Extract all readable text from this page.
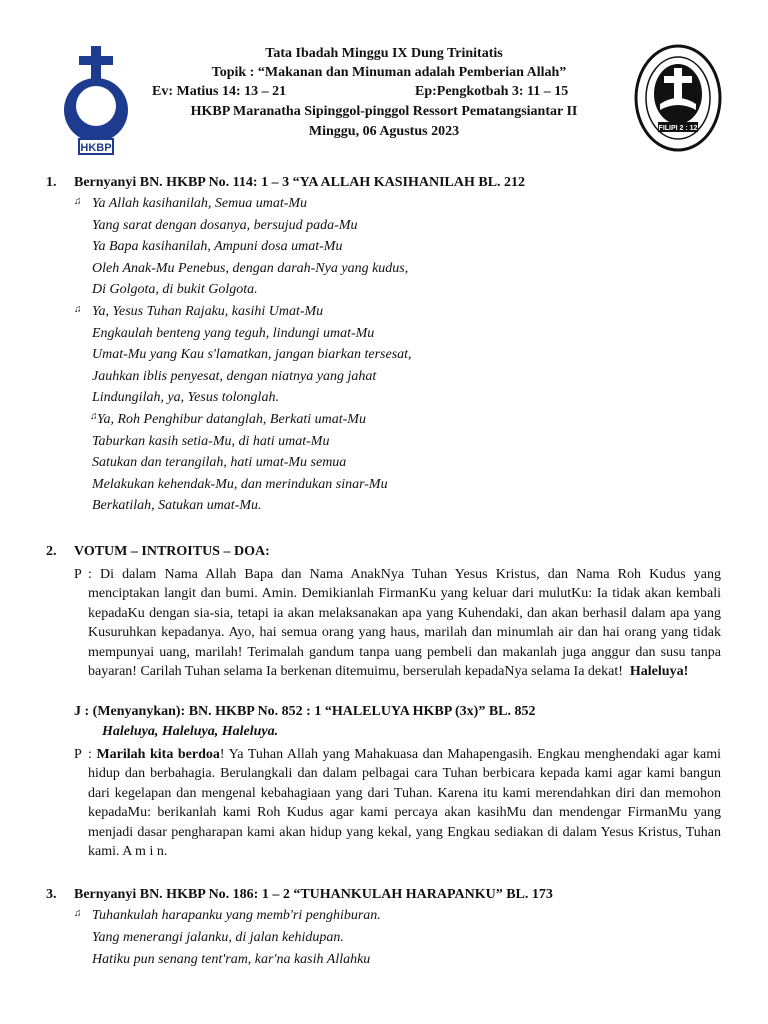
Tata Ibadah Minggu IX Dung Trinitatis
Topik : “Makanan dan Minuman adalah Pemberian Allah”
Ev: Matius 14: 13 – 21	Ep:Pengkotbah 3: 11 – 15
HKBP Maranatha Sipinggol-pinggol Ressort Pematangsiantar II
Minggu, 06 Agustus 2023
HKBP
FILIPI 2 : 12
1. Bernyanyi BN. HKBP No. 114: 1 – 3 “YA ALLAH KASIHANILAH BL. 212
♫ Ya Allah kasihanilah, Semua umat-Mu
Yang sarat dengan dosanya, bersujud pada-Mu
Ya Bapa kasihanilah, Ampuni dosa umat-Mu
Oleh Anak-Mu Penebus, dengan darah-Nya yang kudus,
Di Golgota, di bukit Golgota.
♫ Ya, Yesus Tuhan Rajaku, kasihi Umat-Mu
Engkaulah benteng yang teguh, lindungi umat-Mu
Umat-Mu yang Kau s'lamatkan, jangan biarkan tersesat,
Jauhkan iblis penyesat, dengan niatnya yang jahat
Lindungilah, ya, Yesus tolonglah.
♫ Ya, Roh Penghibur datanglah, Berkati umat-Mu
Taburkan kasih setia-Mu, di hati umat-Mu
Satukan dan terangilah, hati umat-Mu semua
Melakukan kehendak-Mu, dan merindukan sinar-Mu
Berkatilah, Satukan umat-Mu.
2. VOTUM – INTROITUS – DOA:
P : Di dalam Nama Allah Bapa dan Nama AnakNya Tuhan Yesus Kristus, dan Nama Roh Kudus yang menciptakan langit dan bumi. Amin. Demikianlah FirmanKu yang keluar dari mulutKu: Ia tidak akan kembali kepadaKu dengan sia-sia, tetapi ia akan melaksanakan apa yang Kuhendaki, dan akan berhasil dalam apa yang Kusuruhkan kepadanya. Ayo, hai semua orang yang haus, marilah dan minumlah air dan hai orang yang tidak mempunyai uang, marilah! Terimalah gandum tanpa uang pembeli dan makanlah juga anggur dan susu tanpa bayaran! Carilah Tuhan selama Ia berkenan ditemuimu, berserulah kepadaNya selama Ia dekat! Haleluya!
J : (Menyanykan): BN. HKBP No. 852 : 1 “HALELUYA HKBP (3x)” BL. 852
Haleluya, Haleluya, Haleluya.
P : Marilah kita berdoa! Ya Tuhan Allah yang Mahakuasa dan Mahapengasih. Engkau menghendaki agar kami hidup dan berbahagia. Berulangkali dan dalam pelbagai cara Tuhan berbicara kepada kami agar kami bangun dari kegelapan dan mengenal kebahagiaan yang dari Tuhan. Karena itu kami merendahkan diri dan memohon kepadaMu: berikanlah kami Roh Kudus agar kami percaya akan kasihMu dan mendengar FirmanMu yang menjadi dasar pengharapan kami akan hidup yang kekal, yang Engkau sediakan di dalam Yesus Kristus, Tuhan kami. A m i n.
3. Bernyanyi BN. HKBP No. 186: 1 – 2 “TUHANKULAH HARAPANKU” BL. 173
♫ Tuhankulah harapanku yang memb'ri penghiburan.
Yang menerangi jalanku, di jalan kehidupan.
Hatiku pun senang tent'ram, kar'na kasih Allahku
